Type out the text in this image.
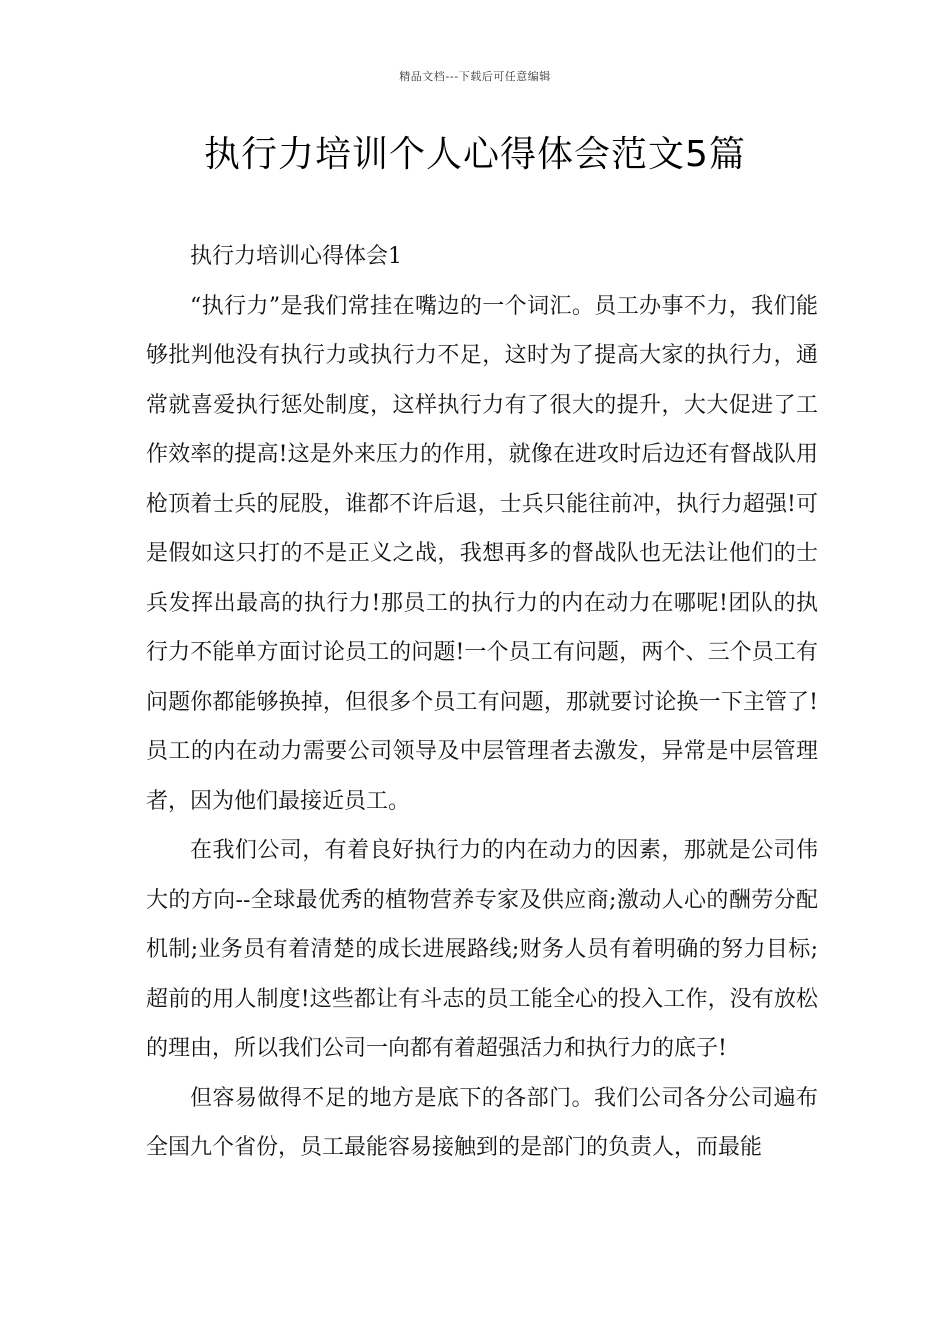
精品文档---下载后可任意编辑
执行力培训个人心得体会范文5篇

执行力培训心得体会1

“执行力”是我们常挂在嘴边的一个词汇。员工办事不力，我们能够批判他没有执行力或执行力不足，这时为了提高大家的执行力，通常就喜爱执行惩处制度，这样执行力有了很大的提升，大大促进了工作效率的提高!这是外来压力的作用，就像在进攻时后边还有督战队用枪顶着士兵的屁股，谁都不许后退，士兵只能往前冲，执行力超强!可是假如这只打的不是正义之战，我想再多的督战队也无法让他们的士兵发挥出最高的执行力!那员工的执行力的内在动力在哪呢!团队的执行力不能单方面讨论员工的问题!一个员工有问题，两个、三个员工有问题你都能够换掉，但很多个员工有问题，那就要讨论换一下主管了!员工的内在动力需要公司领导及中层管理者去激发，异常是中层管理者，因为他们最接近员工。

在我们公司，有着良好执行力的内在动力的因素，那就是公司伟大的方向--全球最优秀的植物营养专家及供应商;激动人心的酬劳分配机制;业务员有着清楚的成长进展路线;财务人员有着明确的努力目标;超前的用人制度!这些都让有斗志的员工能全心的投入工作，没有放松的理由，所以我们公司一向都有着超强活力和执行力的底子!

但容易做得不足的地方是底下的各部门。我们公司各分公司遍布全国九个省份，员工最能容易接触到的是部门的负责人，而最能
